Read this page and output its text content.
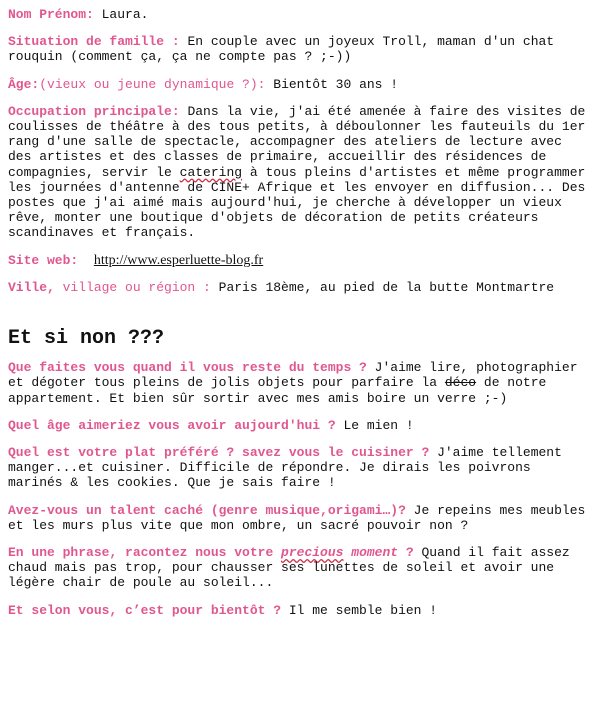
Nom Prénom: Laura.

Situation de famille : En couple avec un joyeux Troll, maman d'un chat rouquin (comment ça, ça ne compte pas ? ;-))

Âge:(vieux ou jeune dynamique ?): Bientôt 30 ans !

Occupation principale: Dans la vie, j'ai été amenée à faire des visites de coulisses de théâtre à des tous petits, à déboulonner les fauteuils du 1er rang d'une salle de spectacle, accompagner des ateliers de lecture avec des artistes et des classes de primaire, accueillir des résidences de compagnies, servir le catering à tous pleins d'artistes et même programmer les journées d'antenne de CINE+ Afrique et les envoyer en diffusion... Des postes que j'ai aimé mais aujourd'hui, je cherche à développer un vieux rêve, monter une boutique d'objets de décoration de petits créateurs scandinaves et français.

Site web: http://www.esperluette-blog.fr

Ville, village ou région : Paris 18ème, au pied de la butte Montmartre

Et si non ???

Que faites vous quand il vous reste du temps ? J'aime lire, photographier et dégoter tous pleins de jolis objets pour parfaire la déco de notre appartement. Et bien sûr sortir avec mes amis boire un verre ;-)

Quel âge aimeriez vous avoir aujourd'hui ? Le mien !

Quel est votre plat préféré ? savez vous le cuisiner ? J'aime tellement manger...et cuisiner. Difficile de répondre. Je dirais les poivrons marinés & les cookies. Que je sais faire !

Avez-vous un talent caché (genre musique,origami…)? Je repeins mes meubles et les murs plus vite que mon ombre, un sacré pouvoir non ?

En une phrase, racontez nous votre precious moment ? Quand il fait assez chaud mais pas trop, pour chausser ses lunettes de soleil et avoir une légère chair de poule au soleil...

Et selon vous, c’est pour bientôt ? Il me semble bien !
